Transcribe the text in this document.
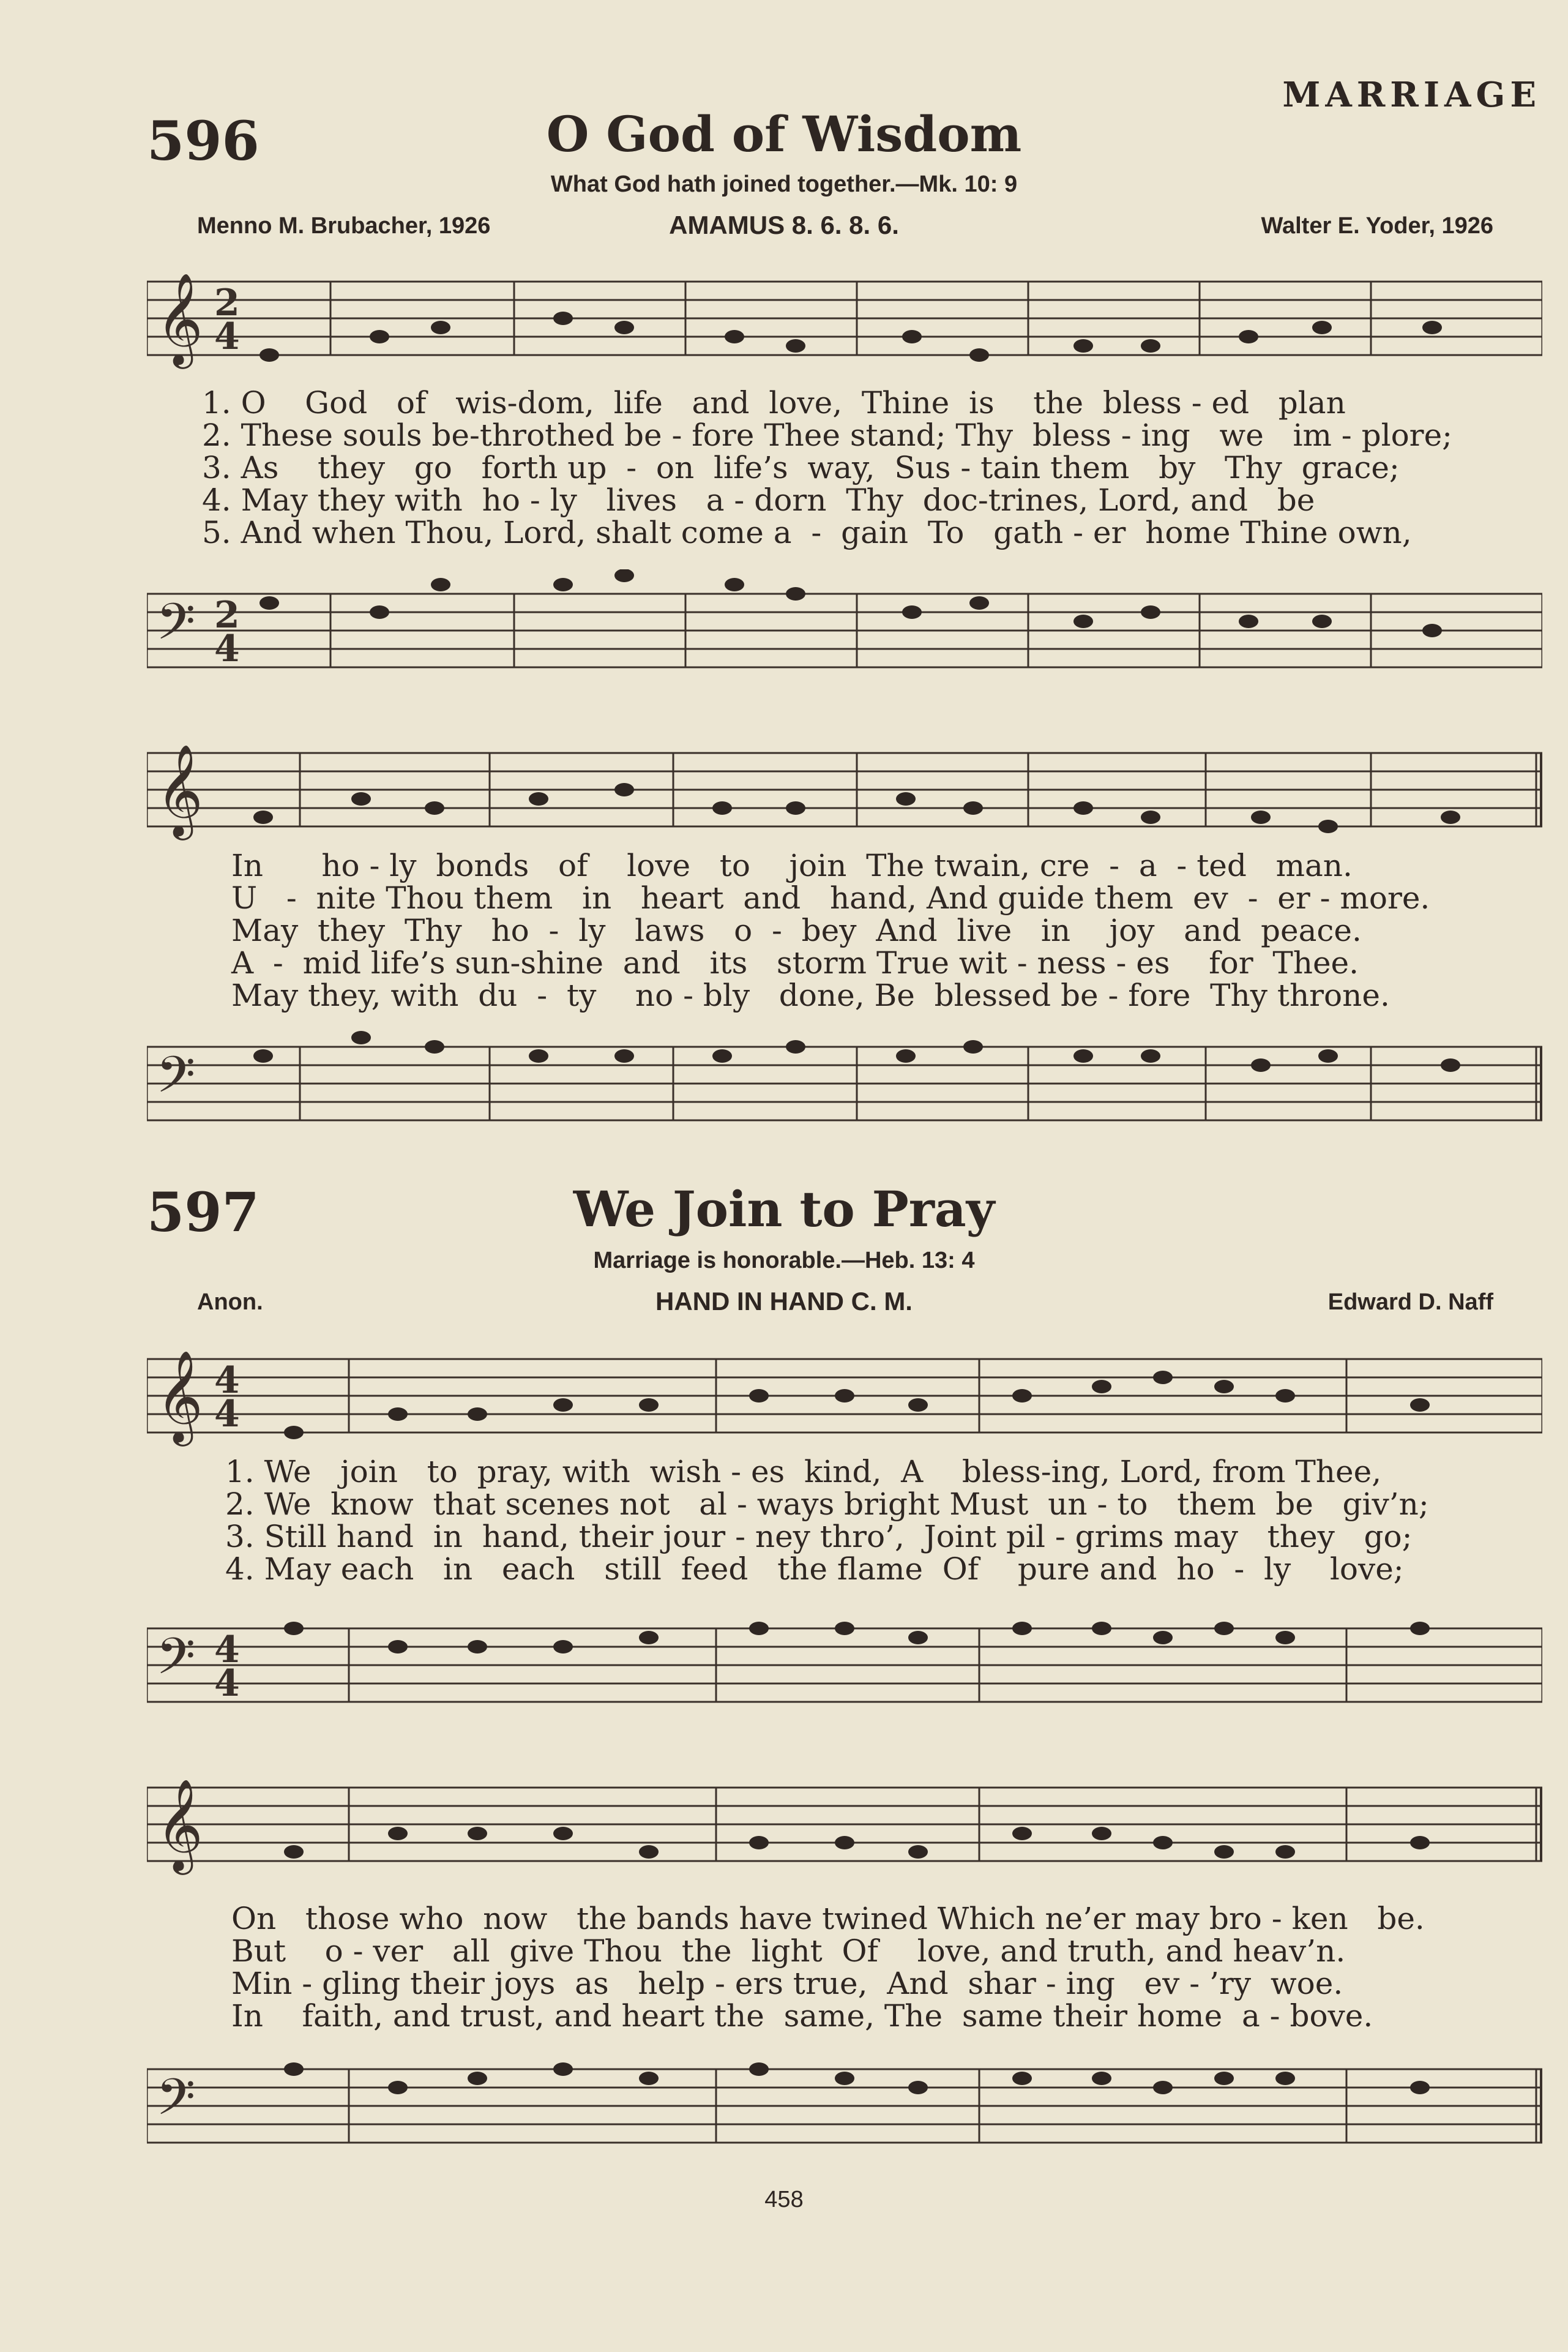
MARRIAGE
596	O God of Wisdom
What God hath joined together.—Mk. 10: 9
Menno M. Brubacher, 1926	AMAMUS 8. 6. 8. 6.	Walter E. Yoder, 1926
𝄞 2
4
1. O    God   of   wis-dom,  life   and  love,  Thine  is    the  bless - ed   plan
2. These souls be-throthed be - fore Thee stand; Thy  bless - ing   we   im - plore;
3. As    they   go   forth up  -  on  life’s  way,  Sus - tain them   by   Thy  grace;
4. May they with  ho - ly   lives   a - dorn  Thy  doc-trines, Lord, and   be
5. And when Thou, Lord, shalt come a  -  gain  To   gath - er  home Thine own,
𝄢 2
4
𝄞
In      ho - ly  bonds   of    love   to    join  The twain, cre  -  a  - ted   man.
U   -  nite Thou them   in   heart  and   hand, And guide them  ev  -  er - more.
May  they  Thy   ho  -  ly   laws   o  -  bey  And  live   in    joy   and  peace.
A  -  mid life’s sun-shine  and   its   storm True wit - ness - es    for  Thee.
May they, with  du  -  ty    no - bly   done, Be  blessed be - fore  Thy throne.
𝄢
597	We Join to Pray
Marriage is honorable.—Heb. 13: 4
Anon.	HAND IN HAND C. M.	Edward D. Naff
𝄞 4
4
1. We   join   to  pray, with  wish - es  kind,  A    bless-ing, Lord, from Thee,
2. We  know  that scenes not   al - ways bright Must  un - to   them  be   giv’n;
3. Still hand  in  hand, their jour - ney thro’,  Joint pil - grims may   they   go;
4. May each   in   each   still  feed   the flame  Of    pure and  ho  -  ly    love;
𝄢 4
4
𝄞
On   those who  now   the bands have twined Which ne’er may bro - ken   be.
But    o - ver   all  give Thou  the  light  Of    love, and truth, and heav’n.
Min - gling their joys  as   help - ers true,  And  shar - ing   ev - ’ry  woe.
In    faith, and trust, and heart the  same, The  same their home  a - bove.
𝄢
458
